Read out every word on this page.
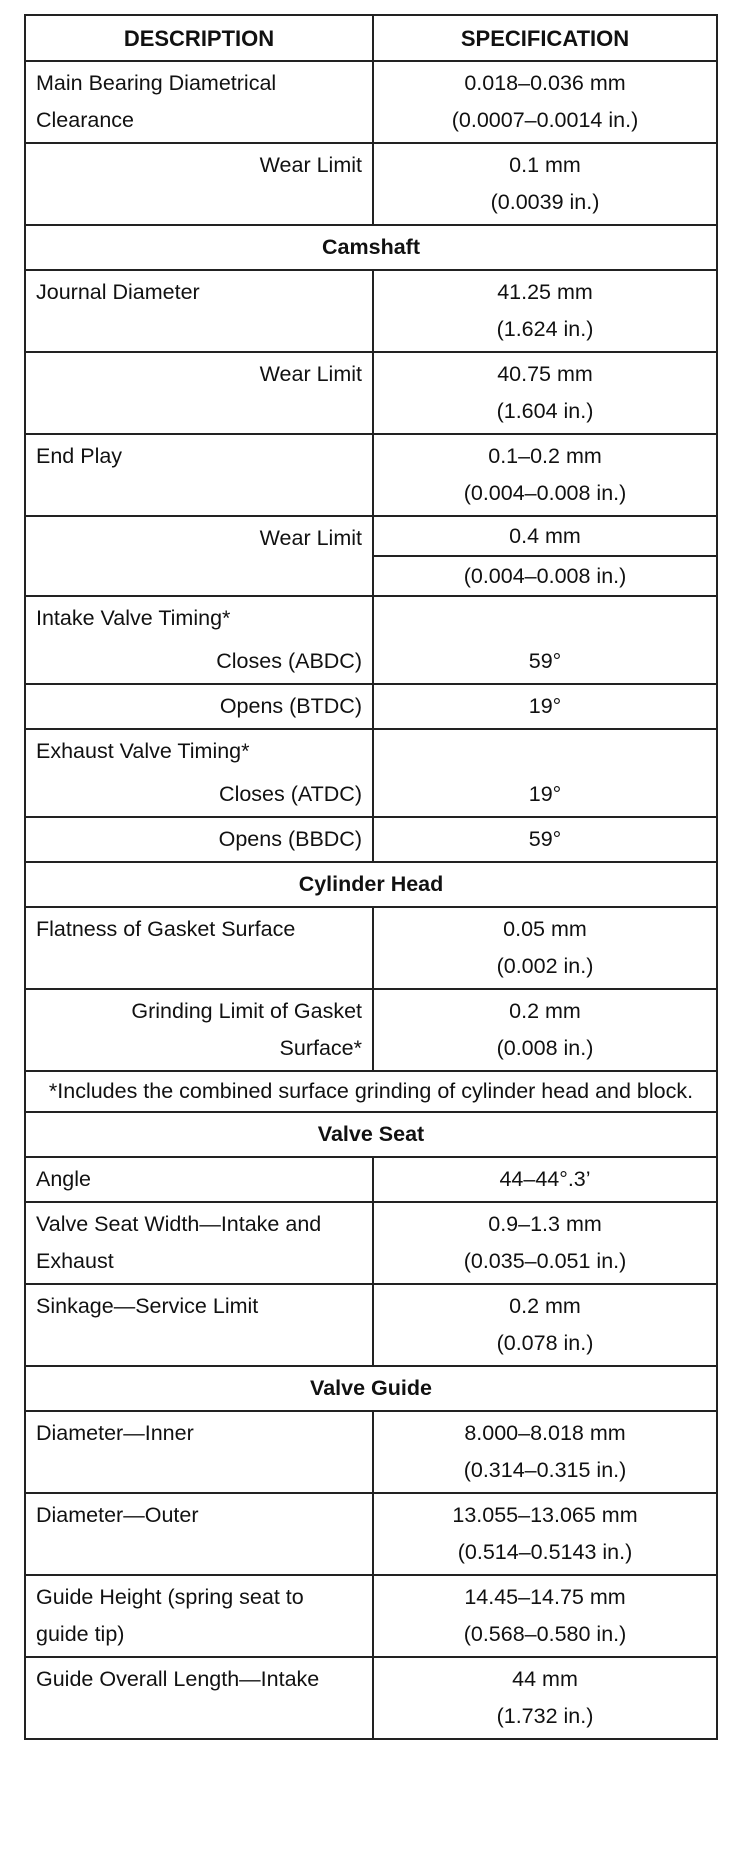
DESCRIPTION	SPECIFICATION
Main Bearing Diametrical Clearance	0.018–0.036 mm
(0.0007–0.0014 in.)

Wear Limit	0.1 mm
(0.0039 in.)

Camshaft	
Journal Diameter	41.25 mm
(1.624 in.)

Wear Limit	40.75 mm
(1.604 in.)

End Play	0.1–0.2 mm
(0.004–0.008 in.)

Wear Limit	0.4 mm
(0.004–0.008 in.)

Intake Valve Timing*	
Closes (ABDC)	59°
Opens (BTDC)	19°
Exhaust Valve Timing*	
Closes (ATDC)	19°
Opens (BBDC)	59°
Cylinder Head	
Flatness of Gasket Surface	0.05 mm
(0.002 in.)

Grinding Limit of Gasket
Surface*	0.2 mm
(0.008 in.)

*Includes the combined surface grinding of cylinder head and block.	
Valve Seat	
Angle	44–44°.3’
Valve Seat Width—Intake and Exhaust	0.9–1.3 mm
(0.035–0.051 in.)

Sinkage—Service Limit	0.2 mm
(0.078 in.)

Valve Guide	
Diameter—Inner	8.000–8.018 mm
(0.314–0.315 in.)

Diameter—Outer	13.055–13.065 mm
(0.514–0.5143 in.)

Guide Height (spring seat to guide tip)	14.45–14.75 mm
(0.568–0.580 in.)

Guide Overall Length—Intake	44 mm
(1.732 in.)
